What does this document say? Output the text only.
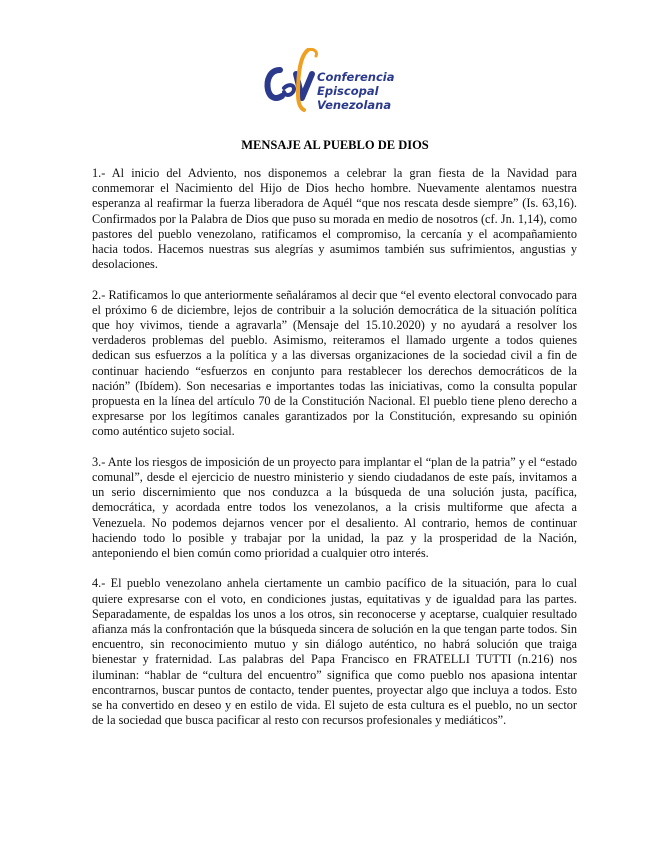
Conferencia
Episcopal
Venezolana
MENSAJE AL PUEBLO DE DIOS

1.- Al inicio del Adviento, nos disponemos a celebrar la gran fiesta de la Navidad para conmemorar el Nacimiento del Hijo de Dios hecho hombre. Nuevamente alentamos nuestra esperanza al reafirmar la fuerza liberadora de Aquél “que nos rescata desde siempre” (Is. 63,16). Confirmados por la Palabra de Dios que puso su morada en medio de nosotros (cf. Jn. 1,14), como pastores del pueblo venezolano, ratificamos el compromiso, la cercanía y el acompañamiento hacia todos. Hacemos nuestras sus alegrías y asumimos también sus sufrimientos, angustias y desolaciones.

2.- Ratificamos lo que anteriormente señaláramos al decir que “el evento electoral convocado para el próximo 6 de diciembre, lejos de contribuir a la solución democrática de la situación política que hoy vivimos, tiende a agravarla” (Mensaje del 15.10.2020) y no ayudará a resolver los verdaderos problemas del pueblo. Asimismo, reiteramos el llamado urgente a todos quienes dedican sus esfuerzos a la política y a las diversas organizaciones de la sociedad civil a fin de continuar haciendo “esfuerzos en conjunto para restablecer los derechos democráticos de la nación” (Ibídem). Son necesarias e importantes todas las iniciativas, como la consulta popular propuesta en la línea del artículo 70 de la Constitución Nacional. El pueblo tiene pleno derecho a expresarse por los legítimos canales garantizados por la Constitución, expresando su opinión como auténtico sujeto social.

3.- Ante los riesgos de imposición de un proyecto para implantar el “plan de la patria” y el “estado comunal”, desde el ejercicio de nuestro ministerio y siendo ciudadanos de este país, invitamos a un serio discernimiento que nos conduzca a la búsqueda de una solución justa, pacífica, democrática, y acordada entre todos los venezolanos, a la crisis multiforme que afecta a Venezuela. No podemos dejarnos vencer por el desaliento. Al contrario, hemos de continuar haciendo todo lo posible y trabajar por la unidad, la paz y la prosperidad de la Nación, anteponiendo el bien común como prioridad a cualquier otro interés.

4.- El pueblo venezolano anhela ciertamente un cambio pacífico de la situación, para lo cual quiere expresarse con el voto, en condiciones justas, equitativas y de igualdad para las partes. Separadamente, de espaldas los unos a los otros, sin reconocerse y aceptarse, cualquier resultado afianza más la confrontación que la búsqueda sincera de solución en la que tengan parte todos. Sin encuentro, sin reconocimiento mutuo y sin diálogo auténtico, no habrá solución que traiga bienestar y fraternidad. Las palabras del Papa Francisco en FRATELLI TUTTI (n.216) nos iluminan: “hablar de “cultura del encuentro” significa que como pueblo nos apasiona intentar encontrarnos, buscar puntos de contacto, tender puentes, proyectar algo que incluya a todos. Esto se ha convertido en deseo y en estilo de vida. El sujeto de esta cultura es el pueblo, no un sector de la sociedad que busca pacificar al resto con recursos profesionales y mediáticos”.
